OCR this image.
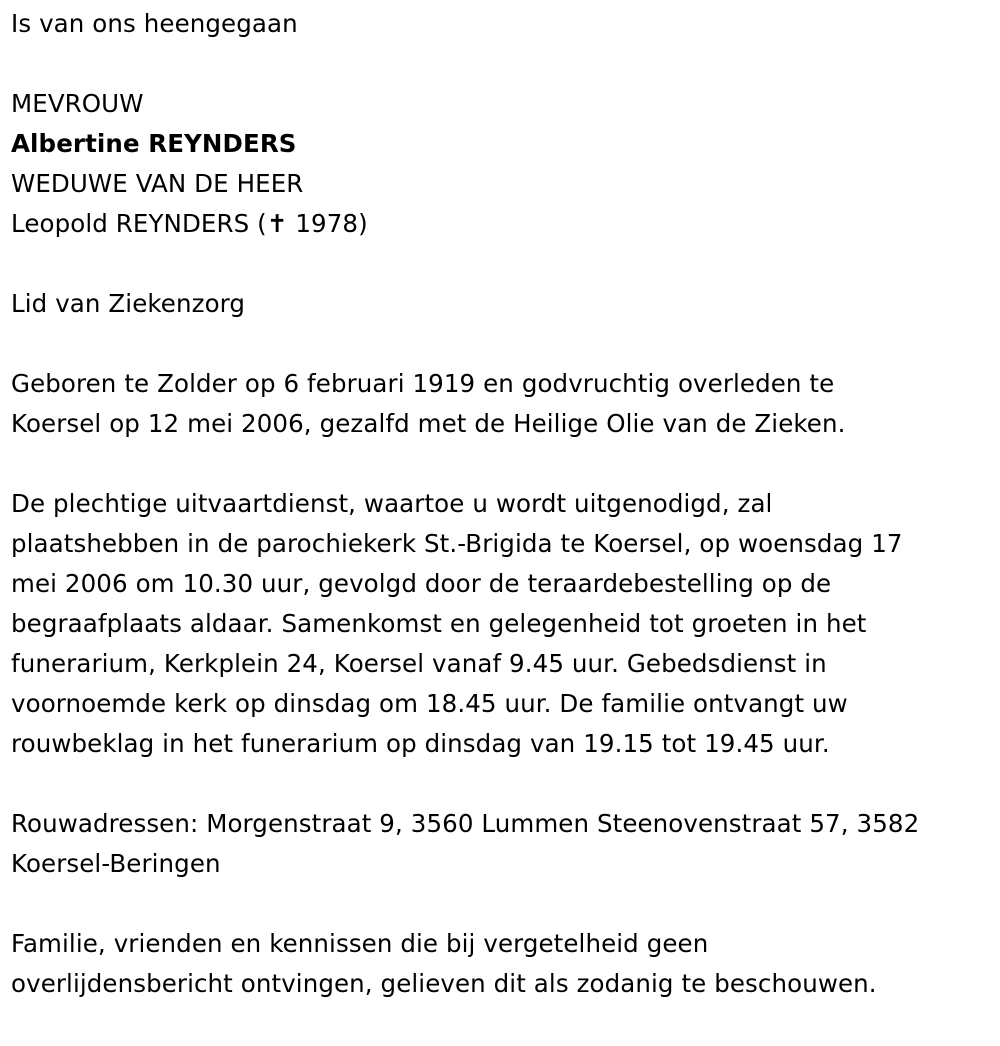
Is van ons heengegaan
MEVROUW
Albertine REYNDERS
WEDUWE VAN DE HEER
Leopold REYNDERS (✝ 1978)
Lid van Ziekenzorg
Geboren te Zolder op 6 februari 1919 en godvruchtig overleden te
Koersel op 12 mei 2006, gezalfd met de Heilige Olie van de Zieken.
De plechtige uitvaartdienst, waartoe u wordt uitgenodigd, zal
plaatshebben in de parochiekerk St.-Brigida te Koersel, op woensdag 17
mei 2006 om 10.30 uur, gevolgd door de teraardebestelling op de
begraafplaats aldaar. Samenkomst en gelegenheid tot groeten in het
funerarium, Kerkplein 24, Koersel vanaf 9.45 uur. Gebedsdienst in
voornoemde kerk op dinsdag om 18.45 uur. De familie ontvangt uw
rouwbeklag in het funerarium op dinsdag van 19.15 tot 19.45 uur.
Rouwadressen: Morgenstraat 9, 3560 Lummen Steenovenstraat 57, 3582
Koersel-Beringen
Familie, vrienden en kennissen die bij vergetelheid geen
overlijdensbericht ontvingen, gelieven dit als zodanig te beschouwen.
